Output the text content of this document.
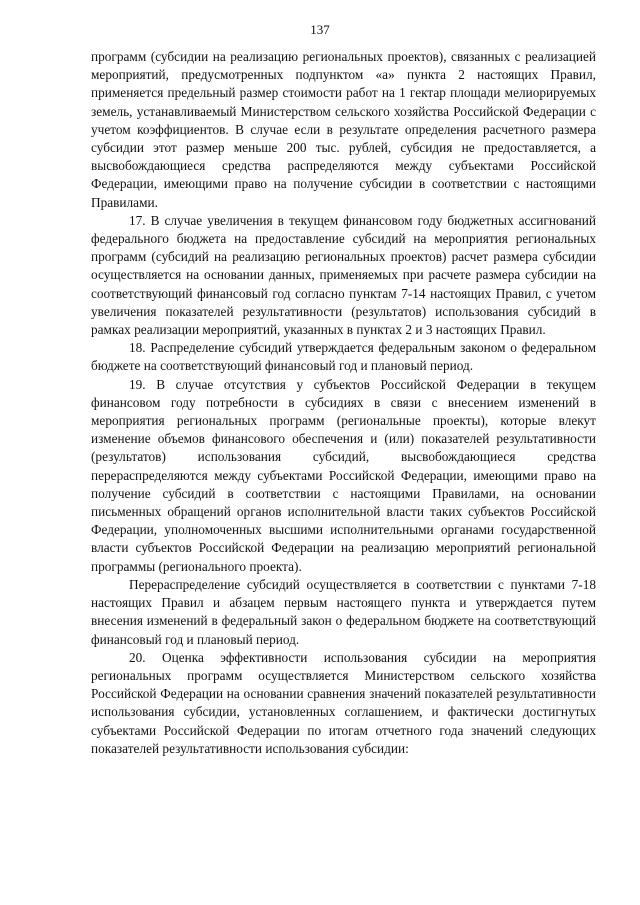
137

программ (субсидии на реализацию региональных проектов), связанных с реализацией мероприятий, предусмотренных подпунктом «а» пункта 2 настоящих Правил, применяется предельный размер стоимости работ на 1 гектар площади мелиорируемых земель, устанавливаемый Министерством сельского хозяйства Российской Федерации с учетом коэффициентов. В случае если в результате определения расчетного размера субсидии этот размер меньше 200 тыс. рублей, субсидия не предоставляется, а высвобождающиеся средства распределяются между субъектами Российской Федерации, имеющими право на получение субсидии в соответствии с настоящими Правилами.

17. В случае увеличения в текущем финансовом году бюджетных ассигнований федерального бюджета на предоставление субсидий на мероприятия региональных программ (субсидий на реализацию региональных проектов) расчет размера субсидии осуществляется на основании данных, применяемых при расчете размера субсидии на соответствующий финансовый год согласно пунктам 7-14 настоящих Правил, с учетом увеличения показателей результативности (результатов) использования субсидий в рамках реализации мероприятий, указанных в пунктах 2 и 3 настоящих Правил.

18. Распределение субсидий утверждается федеральным законом о федеральном бюджете на соответствующий финансовый год и плановый период.

19. В случае отсутствия у субъектов Российской Федерации в текущем финансовом году потребности в субсидиях в связи с внесением изменений в мероприятия региональных программ (региональные проекты), которые влекут изменение объемов финансового обеспечения и (или) показателей результативности (результатов) использования субсидий, высвобождающиеся средства перераспределяются между субъектами Российской Федерации, имеющими право на получение субсидий в соответствии с настоящими Правилами, на основании письменных обращений органов исполнительной власти таких субъектов Российской Федерации, уполномоченных высшими исполнительными органами государственной власти субъектов Российской Федерации на реализацию мероприятий региональной программы (регионального проекта).

Перераспределение субсидий осуществляется в соответствии с пунктами 7-18 настоящих Правил и абзацем первым настоящего пункта и утверждается путем внесения изменений в федеральный закон о федеральном бюджете на соответствующий финансовый год и плановый период.

20. Оценка эффективности использования субсидии на мероприятия региональных программ осуществляется Министерством сельского хозяйства Российской Федерации на основании сравнения значений показателей результативности использования субсидии, установленных соглашением, и фактически достигнутых субъектами Российской Федерации по итогам отчетного года значений следующих показателей результативности использования субсидии:
